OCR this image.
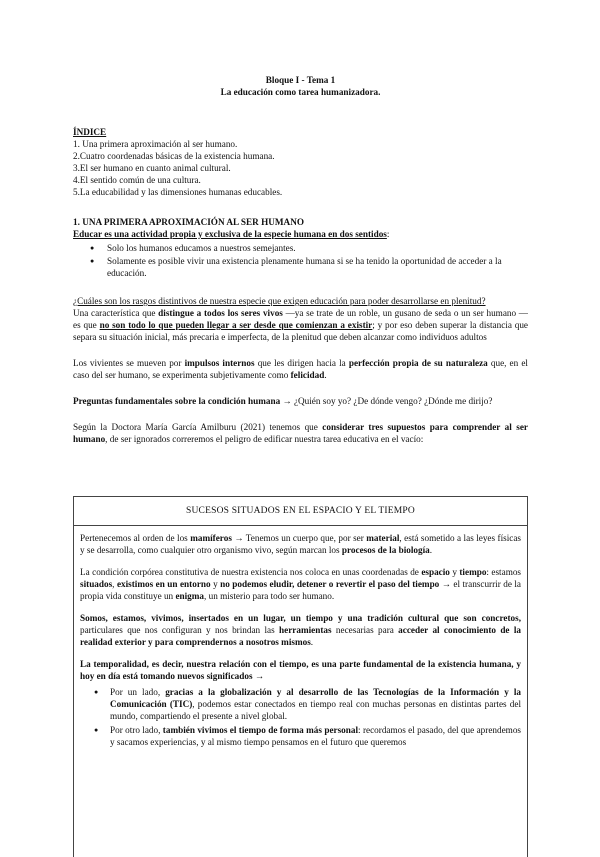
Bloque I - Tema 1

La educación como tarea humanizadora.

ÍNDICE

1. Una primera aproximación al ser humano.

2.Cuatro coordenadas básicas de la existencia humana.

3.El ser humano en cuanto animal cultural.

4.El sentido común de una cultura.

5.La educabilidad y las dimensiones humanas educables.

1. UNA PRIMERA APROXIMACIÓN AL SER HUMANO

Educar es una actividad propia y exclusiva de la especie humana en dos sentidos:

● Solo los humanos educamos a nuestros semejantes.
● Solamente es posible vivir una existencia plenamente humana si se ha tenido la oportunidad de acceder a la educación.

¿Cuáles son los rasgos distintivos de nuestra especie que exigen educación para poder desarrollarse en plenitud?

Una característica que distingue a todos los seres vivos —ya se trate de un roble, un gusano de seda o un ser humano — es que no son todo lo que pueden llegar a ser desde que comienzan a existir; y por eso deben superar la distancia que separa su situación inicial, más precaria e imperfecta, de la plenitud que deben alcanzar como individuos adultos

Los vivientes se mueven por impulsos internos que les dirigen hacia la perfección propia de su naturaleza que, en el caso del ser humano, se experimenta subjetivamente como felicidad.

Preguntas fundamentales sobre la condición humana → ¿Quién soy yo? ¿De dónde vengo? ¿Dónde me dirijo?

Según la Doctora María García Amilburu (2021) tenemos que considerar tres supuestos para comprender al ser humano, de ser ignorados correremos el peligro de edificar nuestra tarea educativa en el vacío:

SUCESOS SITUADOS EN EL ESPACIO Y EL TIEMPO

Pertenecemos al orden de los mamíferos → Tenemos un cuerpo que, por ser material, está sometido a las leyes físicas y se desarrolla, como cualquier otro organismo vivo, según marcan los procesos de la biología.

La condición corpórea constitutiva de nuestra existencia nos coloca en unas coordenadas de espacio y tiempo: estamos situados, existimos en un entorno y no podemos eludir, detener o revertir el paso del tiempo → el transcurrir de la propia vida constituye un enigma, un misterio para todo ser humano.

Somos, estamos, vivimos, insertados en un lugar, un tiempo y una tradición cultural que son concretos, particulares que nos configuran y nos brindan las herramientas necesarias para acceder al conocimiento de la realidad exterior y para comprendernos a nosotros mismos.

La temporalidad, es decir, nuestra relación con el tiempo, es una parte fundamental de la existencia humana, y hoy en día está tomando nuevos significados →

● Por un lado, gracias a la globalización y al desarrollo de las Tecnologías de la Información y la Comunicación (TIC), podemos estar conectados en tiempo real con muchas personas en distintas partes del mundo, compartiendo el presente a nivel global.
● Por otro lado, también vivimos el tiempo de forma más personal: recordamos el pasado, del que aprendemos y sacamos experiencias, y al mismo tiempo pensamos en el futuro que queremos
